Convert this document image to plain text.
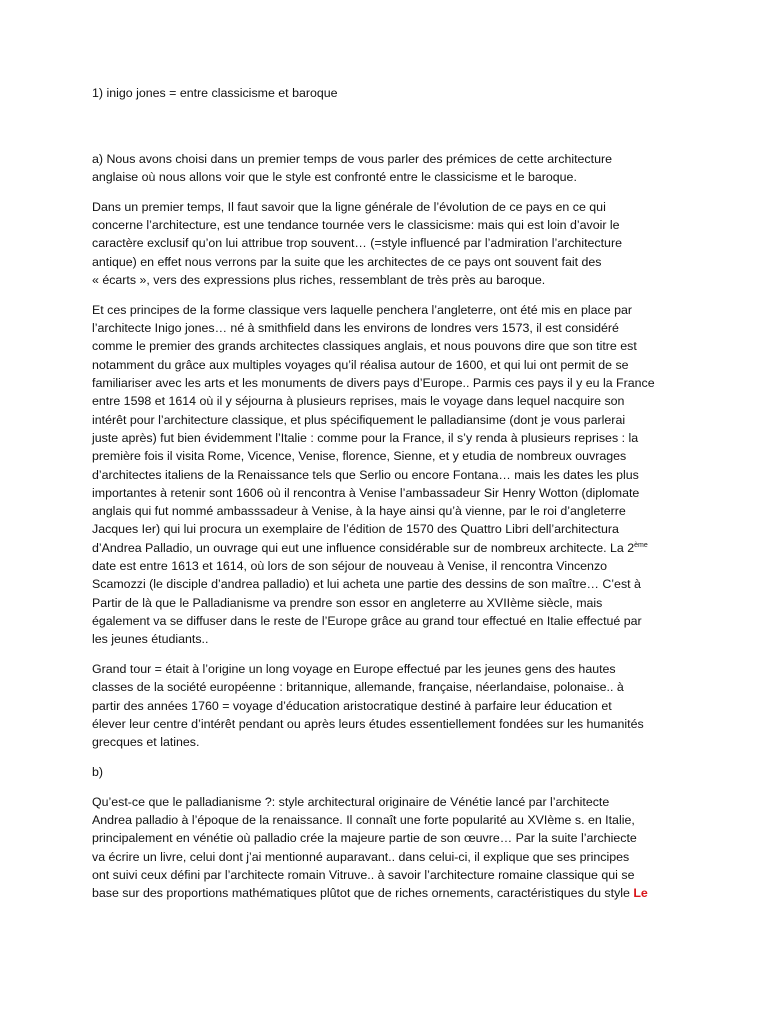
1) inigo jones = entre classicisme et baroque

a) Nous avons choisi dans un premier temps de vous parler des prémices de cette architecture
anglaise où nous allons voir que le style est confronté entre le classicisme et le baroque.

Dans un premier temps, Il faut savoir que la ligne générale de l’évolution de ce pays en ce qui
concerne l’architecture, est une tendance tournée vers le classicisme: mais qui est loin d’avoir le
caractère exclusif qu’on lui attribue trop souvent… (=style influencé par l’admiration l’architecture
antique) en effet nous verrons par la suite que les architectes de ce pays ont souvent fait des
« écarts », vers des expressions plus riches, ressemblant de très près au baroque.

Et ces principes de la forme classique vers laquelle penchera l’angleterre, ont été mis en place par
l’architecte Inigo jones… né à smithfield dans les environs de londres vers 1573, il est considéré
comme le premier des grands architectes classiques anglais, et nous pouvons dire que son titre est
notamment du grâce aux multiples voyages qu’il réalisa autour de 1600, et qui lui ont permit de se
familiariser avec les arts et les monuments de divers pays d’Europe.. Parmis ces pays il y eu la France
entre 1598 et 1614 où il y séjourna à plusieurs reprises, mais le voyage dans lequel nacquire son
intérêt pour l’architecture classique, et plus spécifiquement le palladiansime (dont je vous parlerai
juste après) fut bien évidemment l’Italie : comme pour la France, il s’y renda à plusieurs reprises : la
première fois il visita Rome, Vicence, Venise, florence, Sienne, et y etudia de nombreux ouvrages
d’architectes italiens de la Renaissance tels que Serlio ou encore Fontana… mais les dates les plus
importantes à retenir sont 1606 où il rencontra à Venise l’ambassadeur Sir Henry Wotton (diplomate
anglais qui fut nommé ambasssadeur à Venise, à la haye ainsi qu’à vienne, par le roi d’angleterre
Jacques Ier) qui lui procura un exemplaire de l’édition de 1570 des Quattro Libri dell’architectura
d’Andrea Palladio, un ouvrage qui eut une influence considérable sur de nombreux architecte. La 2ème
date est entre 1613 et 1614, où lors de son séjour de nouveau à Venise, il rencontra Vincenzo
Scamozzi (le disciple d’andrea palladio) et lui acheta une partie des dessins de son maître… C’est à
Partir de là que le Palladianisme va prendre son essor en angleterre au XVIIème siècle, mais
également va se diffuser dans le reste de l’Europe grâce au grand tour effectué en Italie effectué par
les jeunes étudiants..

Grand tour = était à l’origine un long voyage en Europe effectué par les jeunes gens des hautes
classes de la société européenne : britannique, allemande, française, néerlandaise, polonaise.. à
partir des années 1760 = voyage d’éducation aristocratique destiné à parfaire leur éducation et
élever leur centre d’intérêt pendant ou après leurs études essentiellement fondées sur les humanités
grecques et latines.

b)

Qu’est-ce que le palladianisme ?: style architectural originaire de Vénétie lancé par l’architecte
Andrea palladio à l’époque de la renaissance. Il connaît une forte popularité au XVIème s. en Italie,
principalement en vénétie où palladio crée la majeure partie de son œuvre… Par la suite l’archiecte
va écrire un livre, celui dont j’ai mentionné auparavant.. dans celui-ci, il explique que ses principes
ont suivi ceux défini par l’architecte romain Vitruve.. à savoir l’architecture romaine classique qui se
base sur des proportions mathématiques plûtot que de riches ornements, caractéristiques du style Le
